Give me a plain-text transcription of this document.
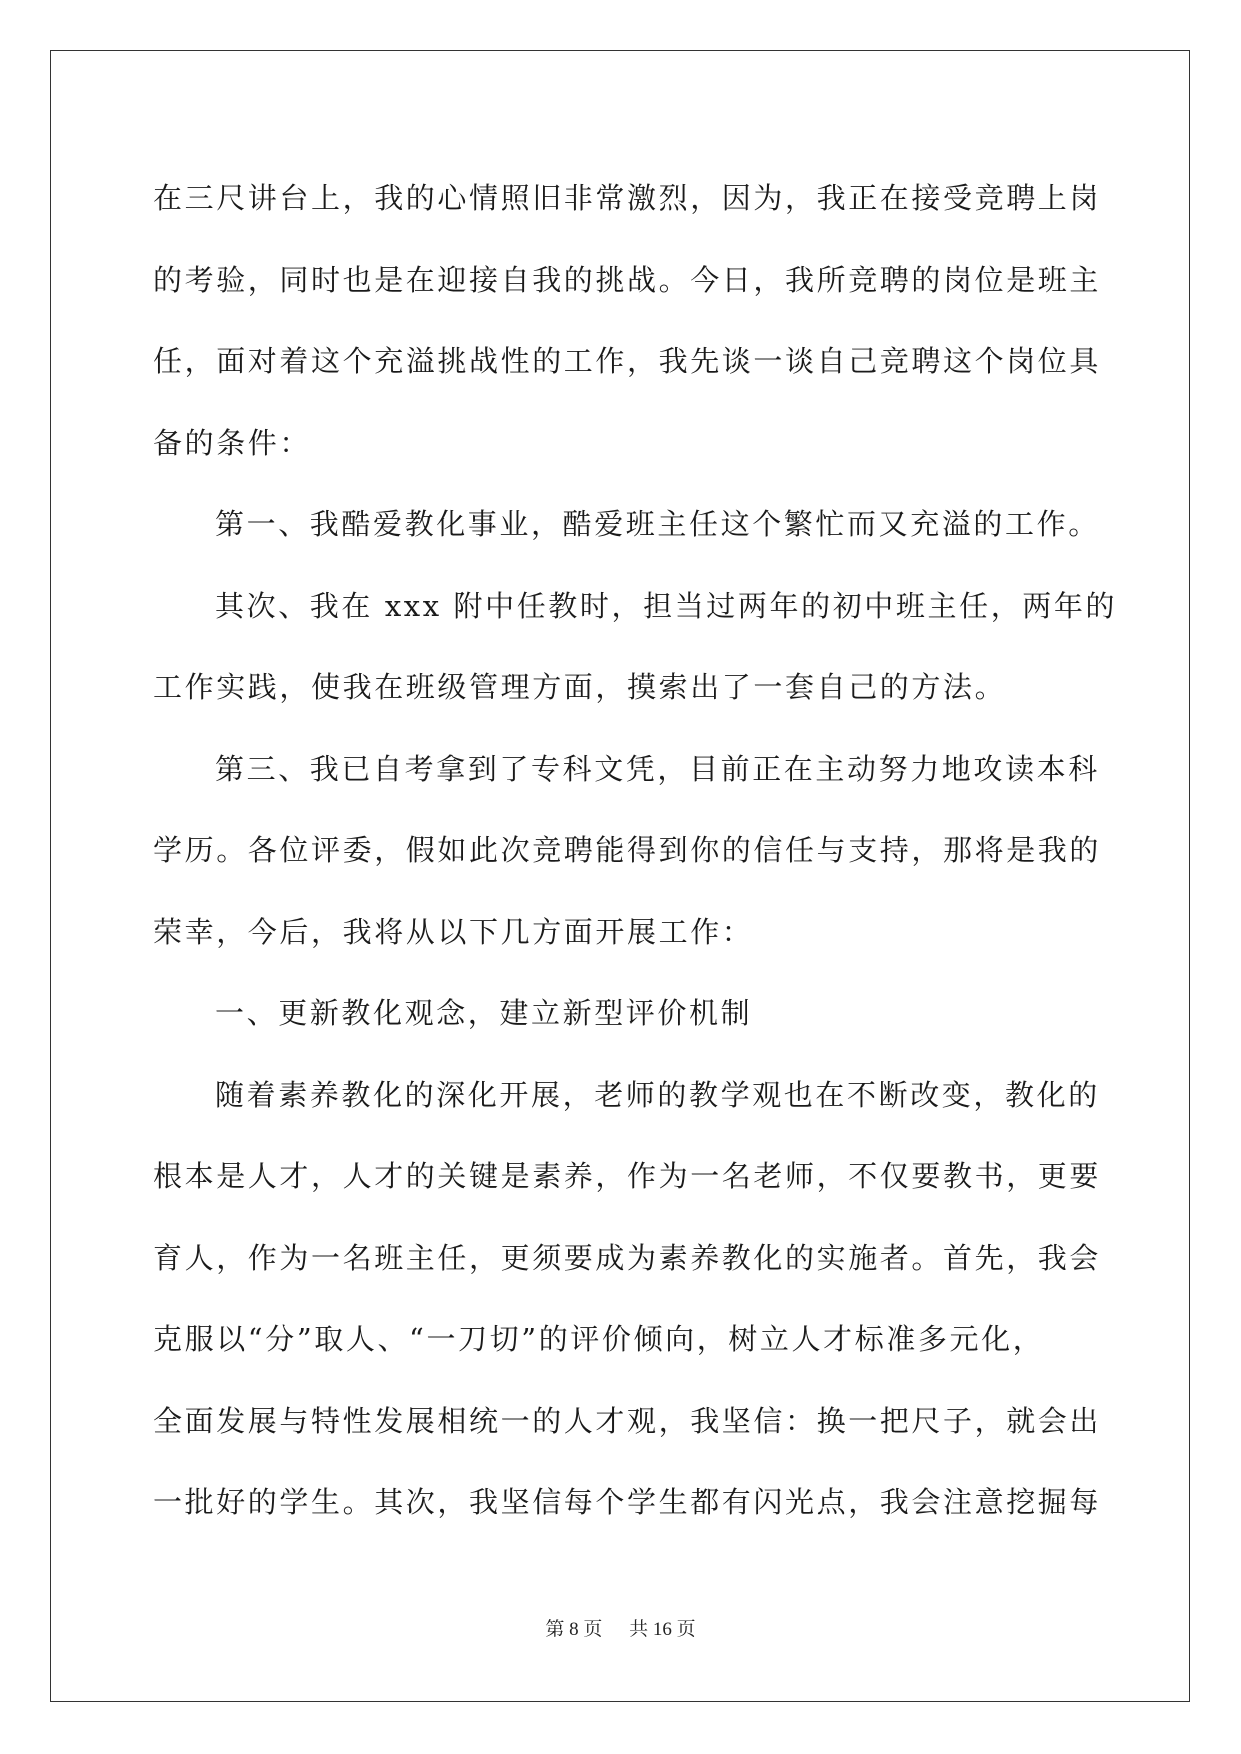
在三尺讲台上，我的心情照旧非常激烈，因为，我正在接受竞聘上岗
的考验，同时也是在迎接自我的挑战。今日，我所竞聘的岗位是班主
任，面对着这个充溢挑战性的工作，我先谈一谈自己竞聘这个岗位具
备的条件：
第一、我酷爱教化事业，酷爱班主任这个繁忙而又充溢的工作。
其次、我在 xxx 附中任教时，担当过两年的初中班主任，两年的
工作实践，使我在班级管理方面，摸索出了一套自己的方法。
第三、我已自考拿到了专科文凭，目前正在主动努力地攻读本科
学历。各位评委，假如此次竞聘能得到你的信任与支持，那将是我的
荣幸，今后，我将从以下几方面开展工作：
一、更新教化观念，建立新型评价机制
随着素养教化的深化开展，老师的教学观也在不断改变，教化的
根本是人才，人才的关键是素养，作为一名老师，不仅要教书，更要
育人，作为一名班主任，更须要成为素养教化的实施者。首先，我会
克服以“分”取人、“一刀切”的评价倾向，树立人才标准多元化，
全面发展与特性发展相统一的人才观，我坚信：换一把尺子，就会出
一批好的学生。其次，我坚信每个学生都有闪光点，我会注意挖掘每
第 8 页 共 16 页
